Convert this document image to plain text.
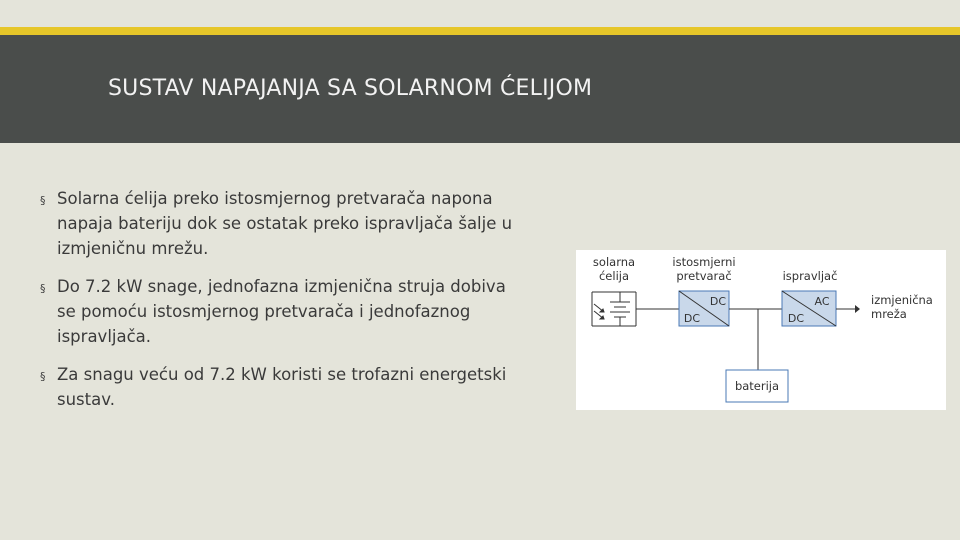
SUSTAV NAPAJANJA SA SOLARNOM ĆELIJOM
§ Solarna ćelija preko istosmjernog pretvarača napona
napaja bateriju dok se ostatak preko ispravljača šalje u
izmjeničnu mrežu.
§ Do 7.2 kW snage, jednofazna izmjenična struja dobiva
se pomoću istosmjernog pretvarača i jednofaznog
ispravljača.
§ Za snagu veću od 7.2 kW koristi se trofazni energetski
sustav.
solarna
ćelija
istosmjerni
pretvarač
DC
DC
ispravljač
AC
DC
izmjenična
mreža
baterija
